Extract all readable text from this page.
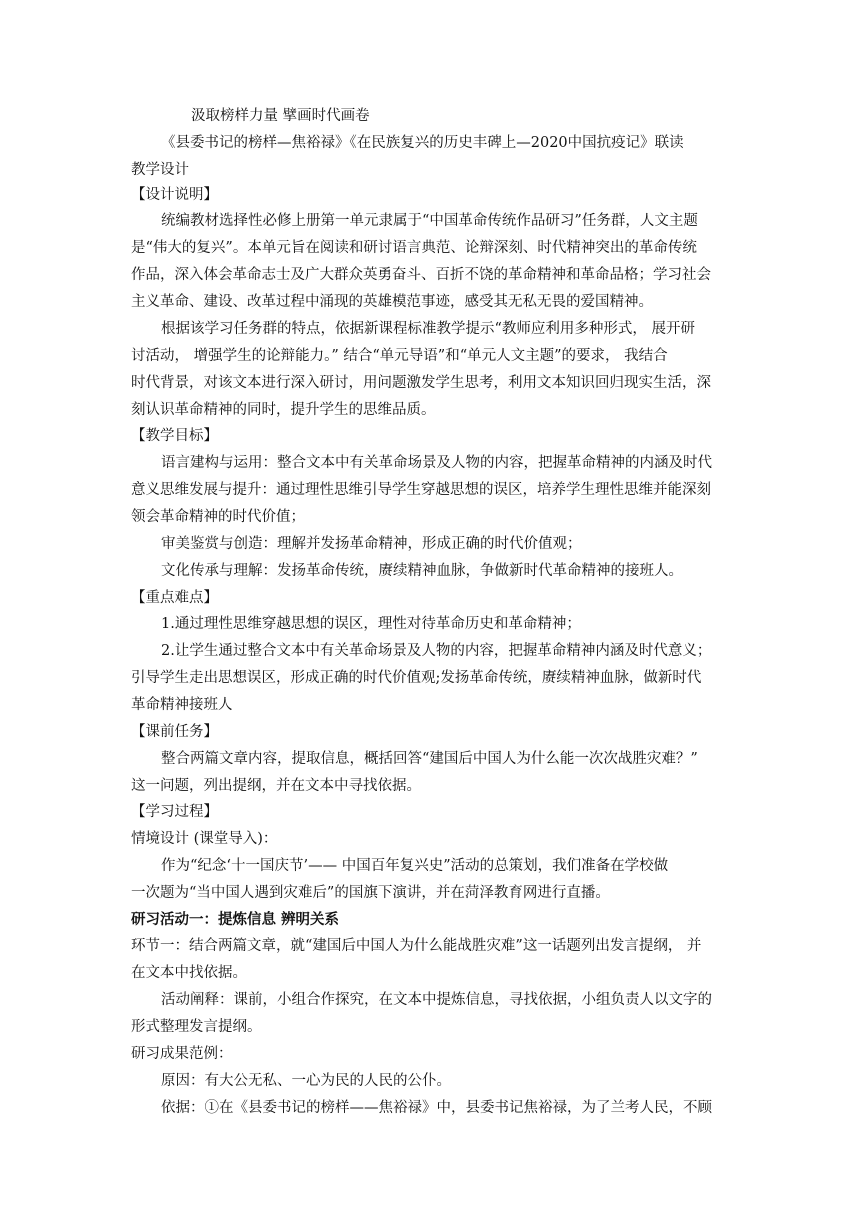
汲取榜样力量 擘画时代画卷
《县委书记的榜样—焦裕禄》《在民族复兴的历史丰碑上—2020中国抗疫记》联读
教学设计
【设计说明】
统编教材选择性必修上册第一单元隶属于“中国革命传统作品研习”任务群，人文主题
是“伟大的复兴”。本单元旨在阅读和研讨语言典范、论辩深刻、时代精神突出的革命传统
作品，深入体会革命志士及广大群众英勇奋斗、百折不饶的革命精神和革命品格；学习社会
主义革命、建设、改革过程中涌现的英雄模范事迹，感受其无私无畏的爱国精神。
根据该学习任务群的特点，依据新课程标准教学提示“教师应利用多种形式， 展开研
讨活动， 增强学生的论辩能力。” 结合“单元导语”和“单元人文主题”的要求， 我结合
时代背景，对该文本进行深入研讨，用问题激发学生思考，利用文本知识回归现实生活，深
刻认识革命精神的同时，提升学生的思维品质。
【教学目标】
语言建构与运用：整合文本中有关革命场景及人物的内容，把握革命精神的内涵及时代
意义思维发展与提升：通过理性思维引导学生穿越思想的误区，培养学生理性思维并能深刻
领会革命精神的时代价值；
审美鉴赏与创造：理解并发扬革命精神，形成正确的时代价值观；
文化传承与理解：发扬革命传统，赓续精神血脉，争做新时代革命精神的接班人。
【重点难点】
1.通过理性思维穿越思想的误区，理性对待革命历史和革命精神；
2.让学生通过整合文本中有关革命场景及人物的内容，把握革命精神内涵及时代意义；
引导学生走出思想误区，形成正确的时代价值观;发扬革命传统，赓续精神血脉，做新时代
革命精神接班人
【课前任务】
整合两篇文章内容，提取信息，概括回答“建国后中国人为什么能一次次战胜灾难？”
这一问题，列出提纲，并在文本中寻找依据。
【学习过程】
情境设计 (课堂导入)：
作为“纪念‘十一国庆节’—— 中国百年复兴史”活动的总策划，我们准备在学校做
一次题为“当中国人遇到灾难后”的国旗下演讲，并在菏泽教育网进行直播。
研习活动一：提炼信息 辨明关系
环节一：结合两篇文章，就“建国后中国人为什么能战胜灾难”这一话题列出发言提纲， 并
在文本中找依据。
活动阐释：课前，小组合作探究，在文本中提炼信息，寻找依据，小组负责人以文字的
形式整理发言提纲。
研习成果范例：
原因：有大公无私、一心为民的人民的公仆。
依据：①在《县委书记的榜样——焦裕禄》中，县委书记焦裕禄，为了兰考人民，不顾
